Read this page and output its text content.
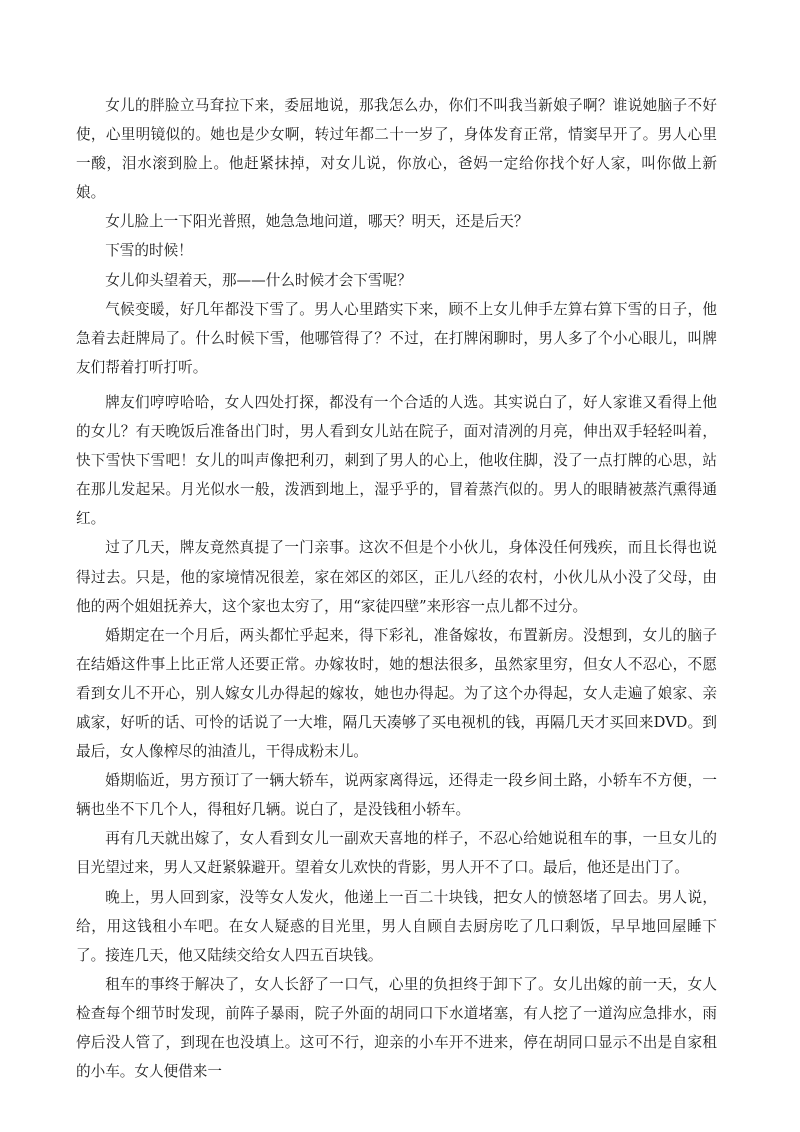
女儿的胖脸立马耷拉下来，委屈地说，那我怎么办，你们不叫我当新娘子啊？谁说她脑子不好使，心里明镜似的。她也是少女啊，转过年都二十一岁了，身体发育正常，情窦早开了。男人心里一酸，泪水滚到脸上。他赶紧抹掉，对女儿说，你放心，爸妈一定给你找个好人家，叫你做上新娘。

女儿脸上一下阳光普照，她急急地问道，哪天？明天，还是后天？

下雪的时候！

女儿仰头望着天，那——什么时候才会下雪呢？

气候变暖，好几年都没下雪了。男人心里踏实下来，顾不上女儿伸手左算右算下雪的日子，他急着去赶牌局了。什么时候下雪，他哪管得了？不过，在打牌闲聊时，男人多了个小心眼儿，叫牌友们帮着打听打听。

牌友们哼哼哈哈，女人四处打探，都没有一个合适的人选。其实说白了，好人家谁又看得上他的女儿？有天晚饭后准备出门时，男人看到女儿站在院子，面对清冽的月亮，伸出双手轻轻叫着，快下雪快下雪吧！女儿的叫声像把利刃，刺到了男人的心上，他收住脚，没了一点打牌的心思，站在那儿发起呆。月光似水一般，泼洒到地上，湿乎乎的，冒着蒸汽似的。男人的眼睛被蒸汽熏得通红。

过了几天，牌友竟然真提了一门亲事。这次不但是个小伙儿，身体没任何残疾，而且长得也说得过去。只是，他的家境情况很差，家在郊区的郊区，正儿八经的农村，小伙儿从小没了父母，由他的两个姐姐抚养大，这个家也太穷了，用“家徒四壁”来形容一点儿都不过分。

婚期定在一个月后，两头都忙乎起来，得下彩礼，准备嫁妆，布置新房。没想到，女儿的脑子在结婚这件事上比正常人还要正常。办嫁妆时，她的想法很多，虽然家里穷，但女人不忍心，不愿看到女儿不开心，别人嫁女儿办得起的嫁妆，她也办得起。为了这个办得起，女人走遍了娘家、亲戚家，好听的话、可怜的话说了一大堆，隔几天凑够了买电视机的钱，再隔几天才买回来DVD。到最后，女人像榨尽的油渣儿，干得成粉末儿。

婚期临近，男方预订了一辆大轿车，说两家离得远，还得走一段乡间土路，小轿车不方便，一辆也坐不下几个人，得租好几辆。说白了，是没钱租小轿车。

再有几天就出嫁了，女人看到女儿一副欢天喜地的样子，不忍心给她说租车的事，一旦女儿的目光望过来，男人又赶紧躲避开。望着女儿欢快的背影，男人开不了口。最后，他还是出门了。

晚上，男人回到家，没等女人发火，他递上一百二十块钱，把女人的愤怒堵了回去。男人说，给，用这钱租小车吧。在女人疑惑的目光里，男人自顾自去厨房吃了几口剩饭，早早地回屋睡下了。接连几天，他又陆续交给女人四五百块钱。

租车的事终于解决了，女人长舒了一口气，心里的负担终于卸下了。女儿出嫁的前一天，女人检查每个细节时发现，前阵子暴雨，院子外面的胡同口下水道堵塞，有人挖了一道沟应急排水，雨停后没人管了，到现在也没填上。这可不行，迎亲的小车开不进来，停在胡同口显示不出是自家租的小车。女人便借来一
